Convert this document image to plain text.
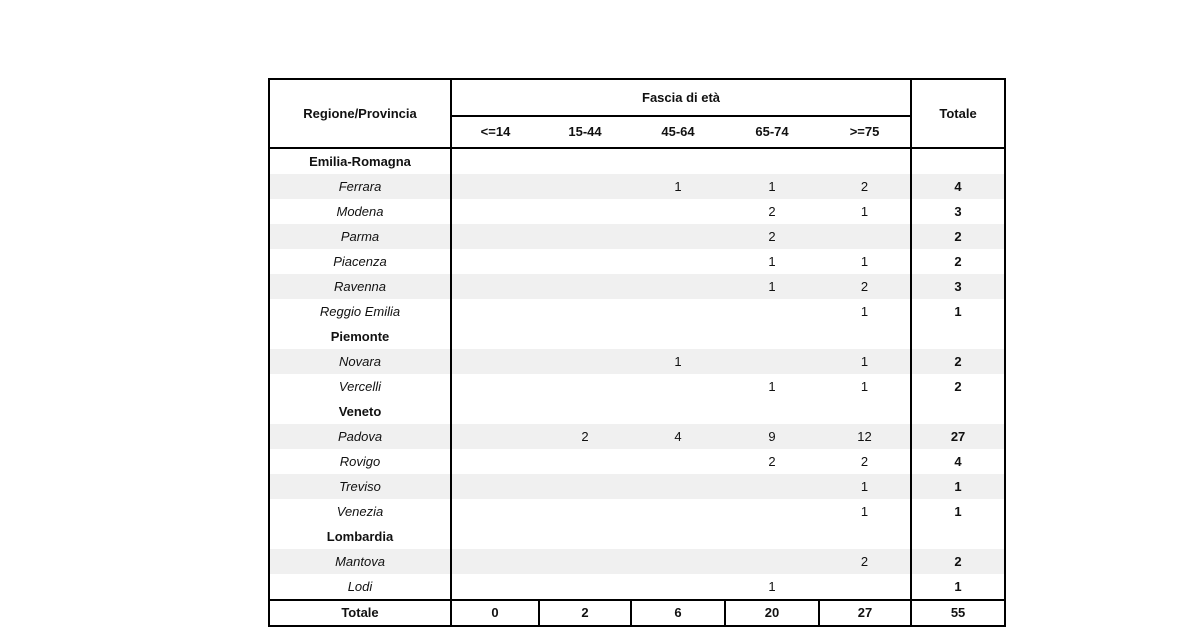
Regione/Provincia	Fascia di età					Totale
	<=14	15-44	45-64	65-74	>=75	
Emilia-Romagna						
Ferrara			1	1	2	4
Modena				2	1	3
Parma				2		2
Piacenza				1	1	2
Ravenna				1	2	3
Reggio Emilia					1	1
Piemonte						
Novara			1		1	2
Vercelli				1	1	2
Veneto						
Padova		2	4	9	12	27
Rovigo				2	2	4
Treviso					1	1
Venezia					1	1
Lombardia						
Mantova					2	2
Lodi				1		1
Totale	0	2	6	20	27	55
